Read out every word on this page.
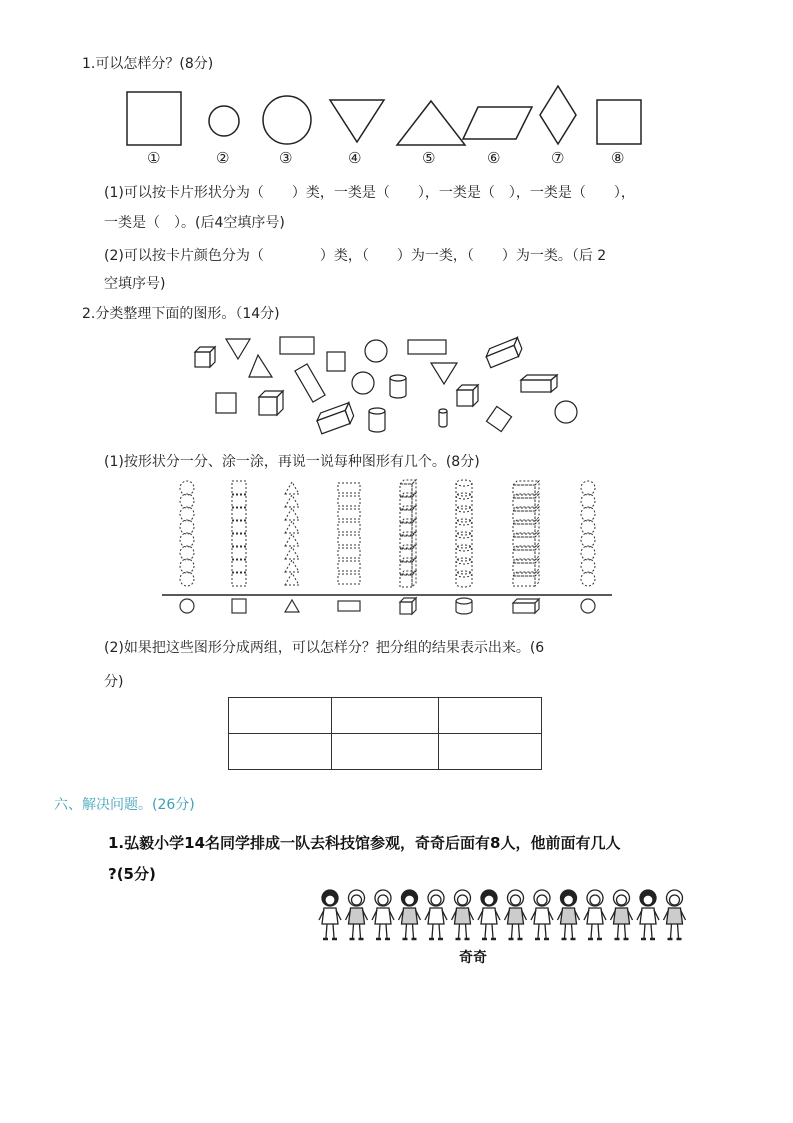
1.可以怎样分？(8分)
①	②	③	④	⑤	⑥	⑦	⑧
(1)可以按卡片形状分为（　　）类，一类是（　　），一类是（　），一类是（　　），
一类是（　）。(后4空填序号)
(2)可以按卡片颜色分为（　　　　）类，（　　）为一类，（　　）为一类。（后 2
空填序号)
2.分类整理下面的图形。（14分)
(1)按形状分一分、涂一涂，再说一说每种图形有几个。(8分)
(2)如果把这些图形分成两组，可以怎样分？把分组的结果表示出来。(6
分)
六、解决问题。(26分)
1.弘毅小学14名同学排成一队去科技馆参观，奇奇后面有8人，他前面有几人
?(5分)
奇奇
